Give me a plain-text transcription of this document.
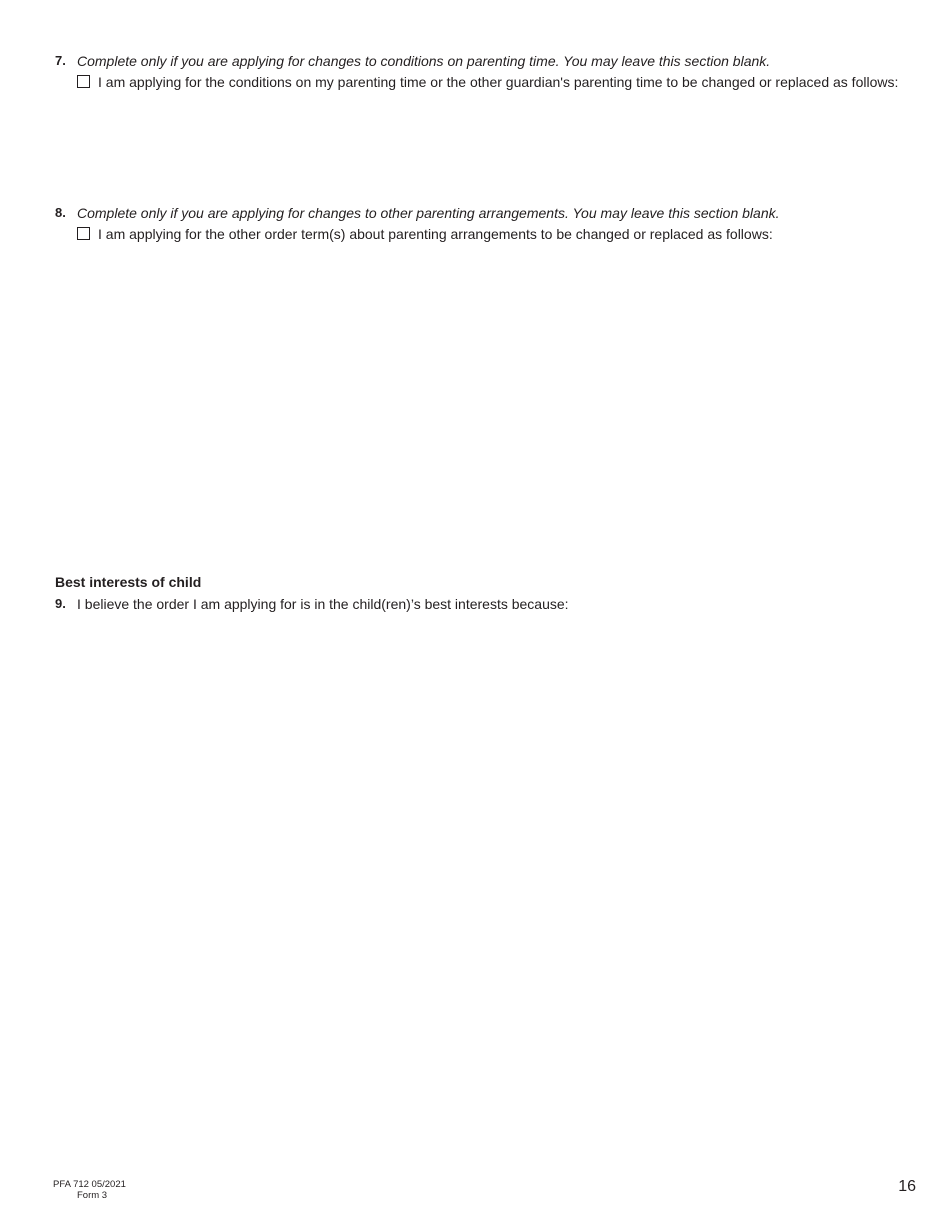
7. Complete only if you are applying for changes to conditions on parenting time. You may leave this section blank.
I am applying for the conditions on my parenting time or the other guardian's parenting time to be changed or replaced as follows:
8. Complete only if you are applying for changes to other parenting arrangements. You may leave this section blank.
I am applying for the other order term(s) about parenting arrangements to be changed or replaced as follows:
Best interests of child
9. I believe the order I am applying for is in the child(ren)’s best interests because:
PFA 712 05/2021
Form 3
16
